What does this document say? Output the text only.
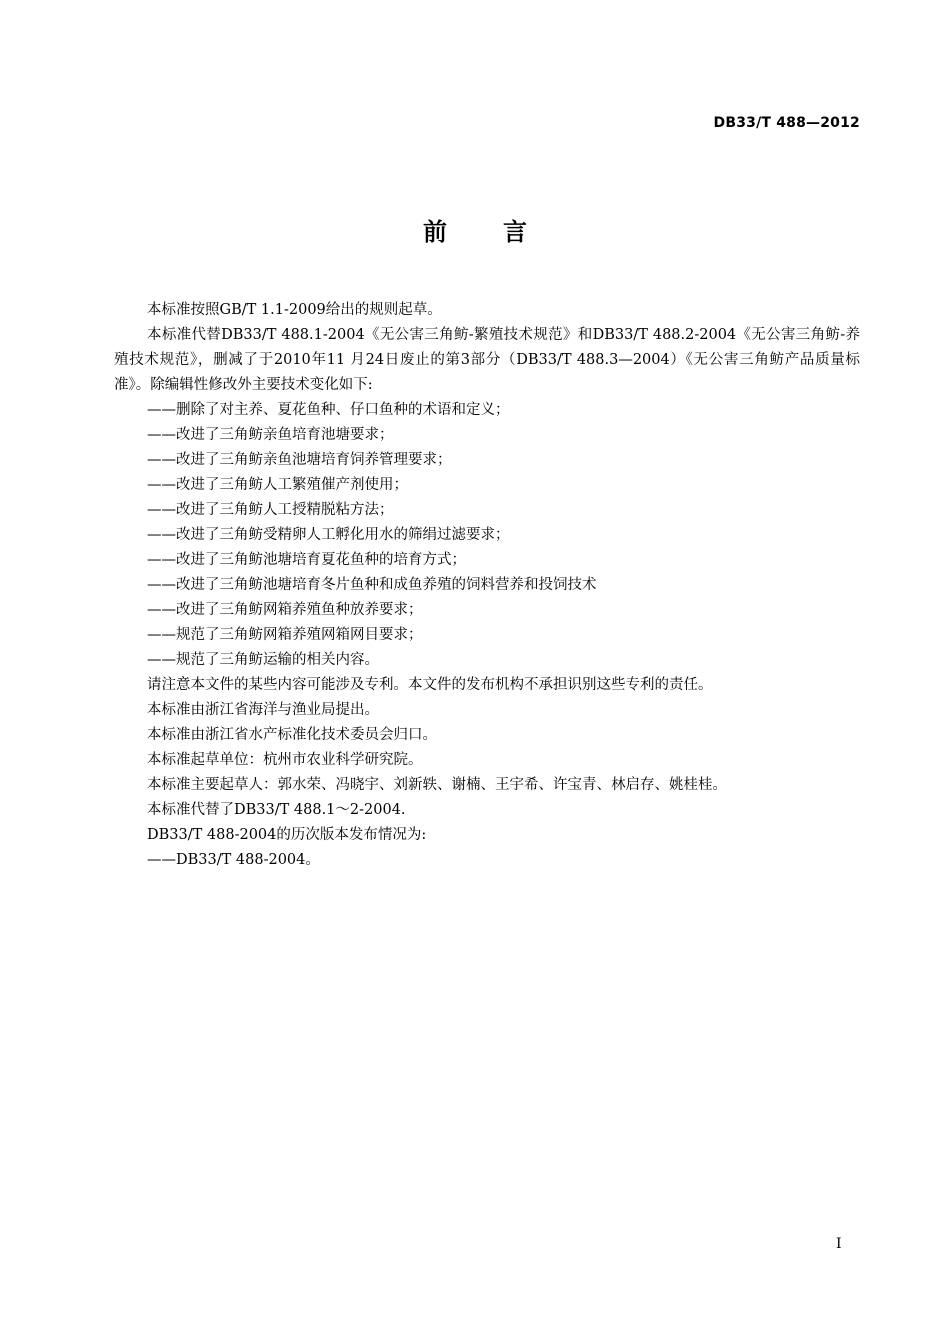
DB33/T 488—2012
前言

本标准按照GB/T 1.1-2009给出的规则起草。

本标准代替DB33/T 488.1-2004《无公害三角鲂-繁殖技术规范》和DB33/T 488.2-2004《无公害三角鲂-养殖技术规范》，删减了于2010年11 月24日废止的第3部分（DB33/T 488.3—2004）《无公害三角鲂产品质量标准》。除编辑性修改外主要技术变化如下:

——删除了对主养、夏花鱼种、仔口鱼种的术语和定义；

——改进了三角鲂亲鱼培育池塘要求；

——改进了三角鲂亲鱼池塘培育饲养管理要求；

——改进了三角鲂人工繁殖催产剂使用；

——改进了三角鲂人工授精脱粘方法；

——改进了三角鲂受精卵人工孵化用水的筛绢过滤要求；

——改进了三角鲂池塘培育夏花鱼种的培育方式；

——改进了三角鲂池塘培育冬片鱼种和成鱼养殖的饲料营养和投饲技术

——改进了三角鲂网箱养殖鱼种放养要求；

——规范了三角鲂网箱养殖网箱网目要求；

——规范了三角鲂运输的相关内容。

请注意本文件的某些内容可能涉及专利。本文件的发布机构不承担识别这些专利的责任。

本标准由浙江省海洋与渔业局提出。

本标准由浙江省水产标准化技术委员会归口。

本标准起草单位：杭州市农业科学研究院。

本标准主要起草人：郭水荣、冯晓宇、刘新轶、谢楠、王宇希、许宝青、林启存、姚桂桂。

本标准代替了DB33/T 488.1～2-2004.

DB33/T 488-2004的历次版本发布情况为:

——DB33/T 488-2004。

I
